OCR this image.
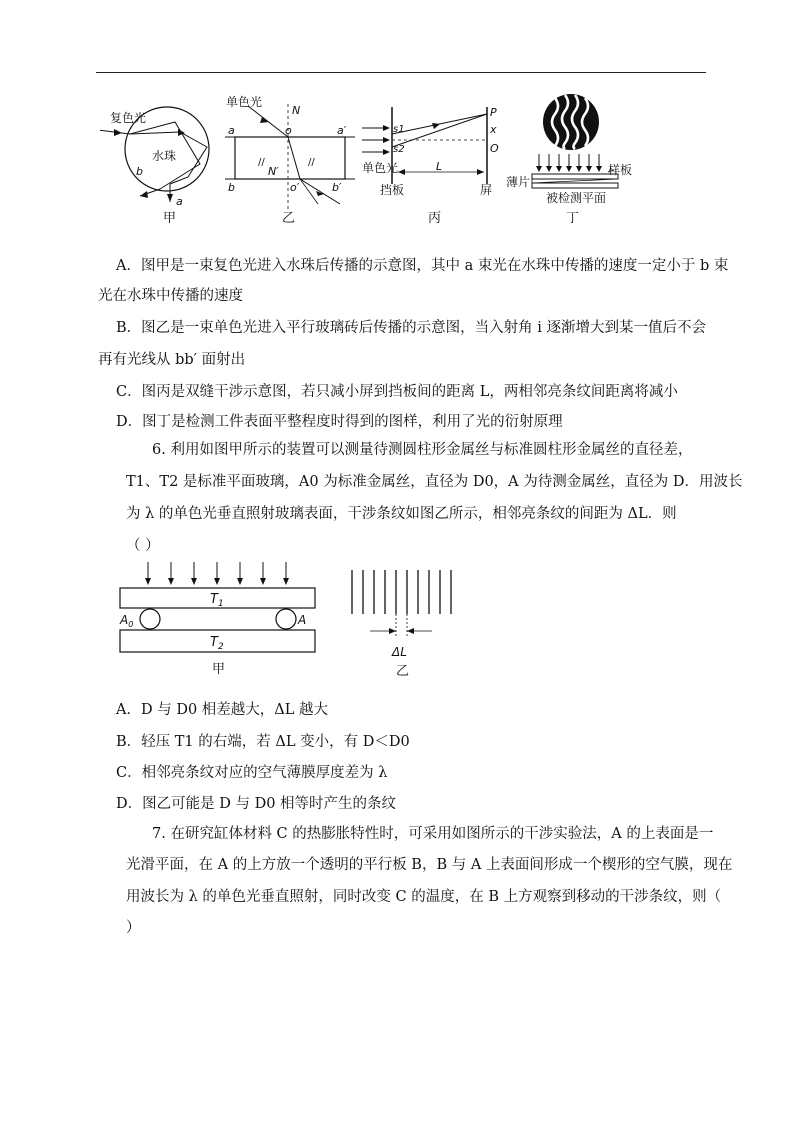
复色光
水珠
a
b
甲
//	//
单色光
N
N′
a	o	a′
b	o′	b′
乙
s1
s2
P
x
O
单色光	L
挡板	屏
丙
样板
薄片
被检测平面
丁
A．图甲是一束复色光进入水珠后传播的示意图，其中 a 束光在水珠中传播的速度一定小于 b 束
光在水珠中传播的速度
B．图乙是一束单色光进入平行玻璃砖后传播的示意图，当入射角 i 逐渐增大到某一值后不会
再有光线从 bb′ 面射出
C．图丙是双缝干涉示意图，若只减小屏到挡板间的距离 L，两相邻亮条纹间距离将减小
D．图丁是检测工件表面平整程度时得到的图样，利用了光的衍射原理
6. 利用如图甲所示的装置可以测量待测圆柱形金属丝与标准圆柱形金属丝的直径差，
T1、T2 是标准平面玻璃，A0 为标准金属丝，直径为 D0，A 为待测金属丝，直径为 D．用波长
为 λ 的单色光垂直照射玻璃表面，干涉条纹如图乙所示，相邻亮条纹的间距为 ΔL．则
（ ）
$T_1$
$T_2$
$A_0$	A
甲
ΔL
乙
A．D 与 D0 相差越大，ΔL 越大
B．轻压 T1 的右端，若 ΔL 变小，有 D＜D0
C．相邻亮条纹对应的空气薄膜厚度差为 λ
D．图乙可能是 D 与 D0 相等时产生的条纹
7. 在研究缸体材料 C 的热膨胀特性时，可采用如图所示的干涉实验法，A 的上表面是一
光滑平面，在 A 的上方放一个透明的平行板 B，B 与 A 上表面间形成一个楔形的空气膜，现在
用波长为 λ 的单色光垂直照射，同时改变 C 的温度，在 B 上方观察到移动的干涉条纹，则（
）
